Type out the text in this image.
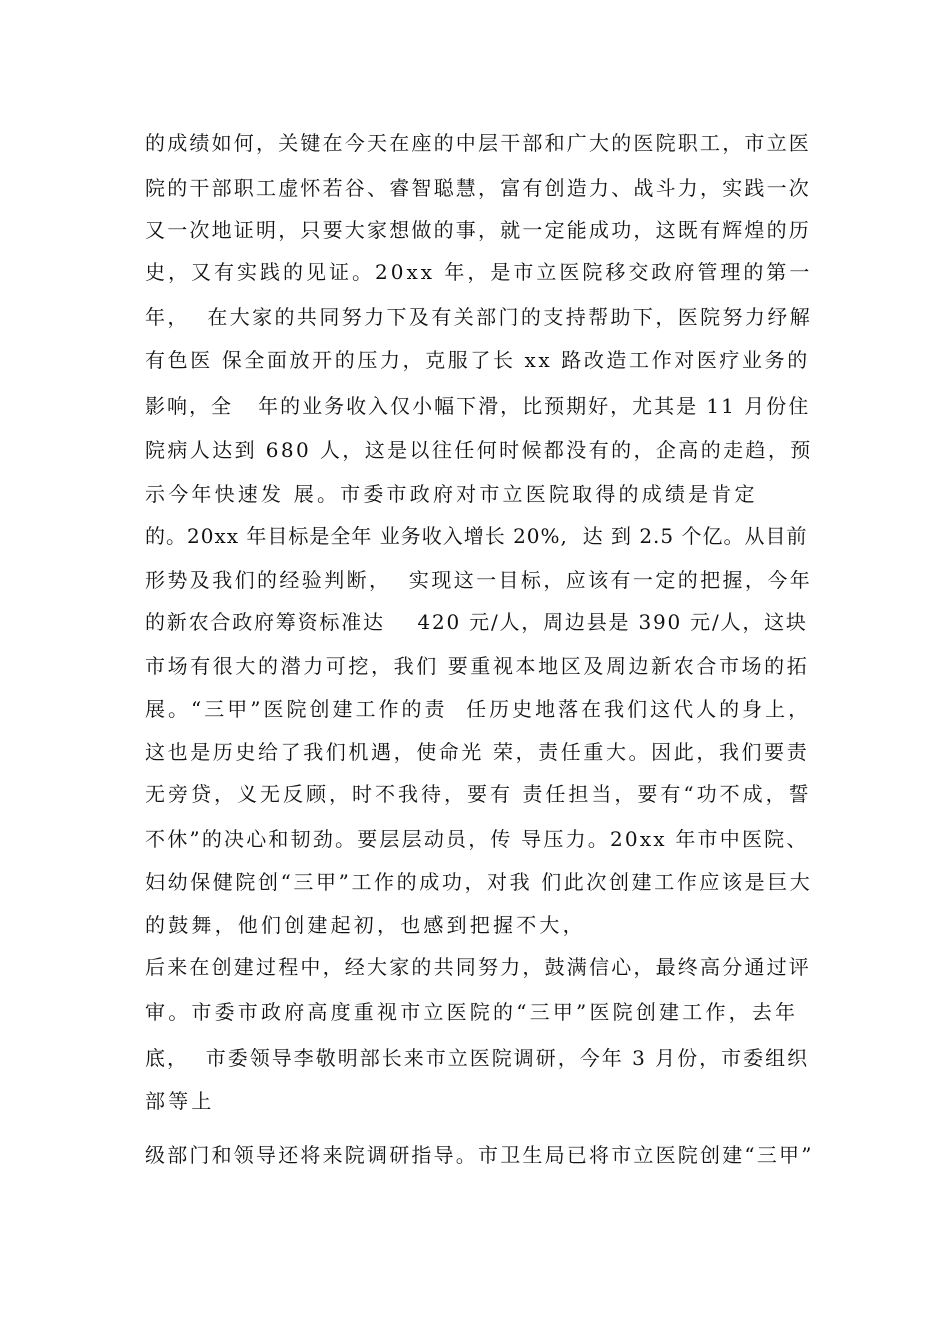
的成绩如何，关键在今天在座的中层干部和广大的医院职工，市立医
院的干部职工虚怀若谷、睿智聪慧，富有创造力、战斗力，实践一次
又一次地证明，只要大家想做的事，就一定能成功，这既有辉煌的历
史，又有实践的见证。20xx 年，是市立医院移交政府管理的第一
年，  在大家的共同努力下及有关部门的支持帮助下，医院努力纾解
有色医 保全面放开的压力，克服了长 xx 路改造工作对医疗业务的
影响，全   年的业务收入仅小幅下滑，比预期好，尤其是 11 月份住
院病人达到 680 人，这是以往任何时候都没有的，企高的走趋，预
示今年快速发 展。市委市政府对市立医院取得的成绩是肯定
的。20xx 年目标是全年 业务收入增长 20%,  达 到 2.5 个亿。从目前
形势及我们的经验判断，  实现这一目标，应该有一定的把握，今年
的新农合政府筹资标准达    420 元/人，周边县是 390 元/人，这块
市场有很大的潜力可挖，我们 要重视本地区及周边新农合市场的拓
展。“三甲”医院创建工作的责  任历史地落在我们这代人的身上，
这也是历史给了我们机遇，使命光 荣，责任重大。因此，我们要责
无旁贷，义无反顾，时不我待，要有 责任担当，要有“功不成，誓
不休”的决心和韧劲。要层层动员，传 导压力。20xx 年市中医院、
妇幼保健院创“三甲”工作的成功，对我 们此次创建工作应该是巨大
的鼓舞，他们创建起初，也感到把握不大，
后来在创建过程中，经大家的共同努力，鼓满信心，最终高分通过评
审。市委市政府高度重视市立医院的“三甲”医院创建工作，去年
底，  市委领导李敬明部长来市立医院调研，今年 3 月份，市委组织
部等上
级部门和领导还将来院调研指导。市卫生局已将市立医院创建“三甲”
